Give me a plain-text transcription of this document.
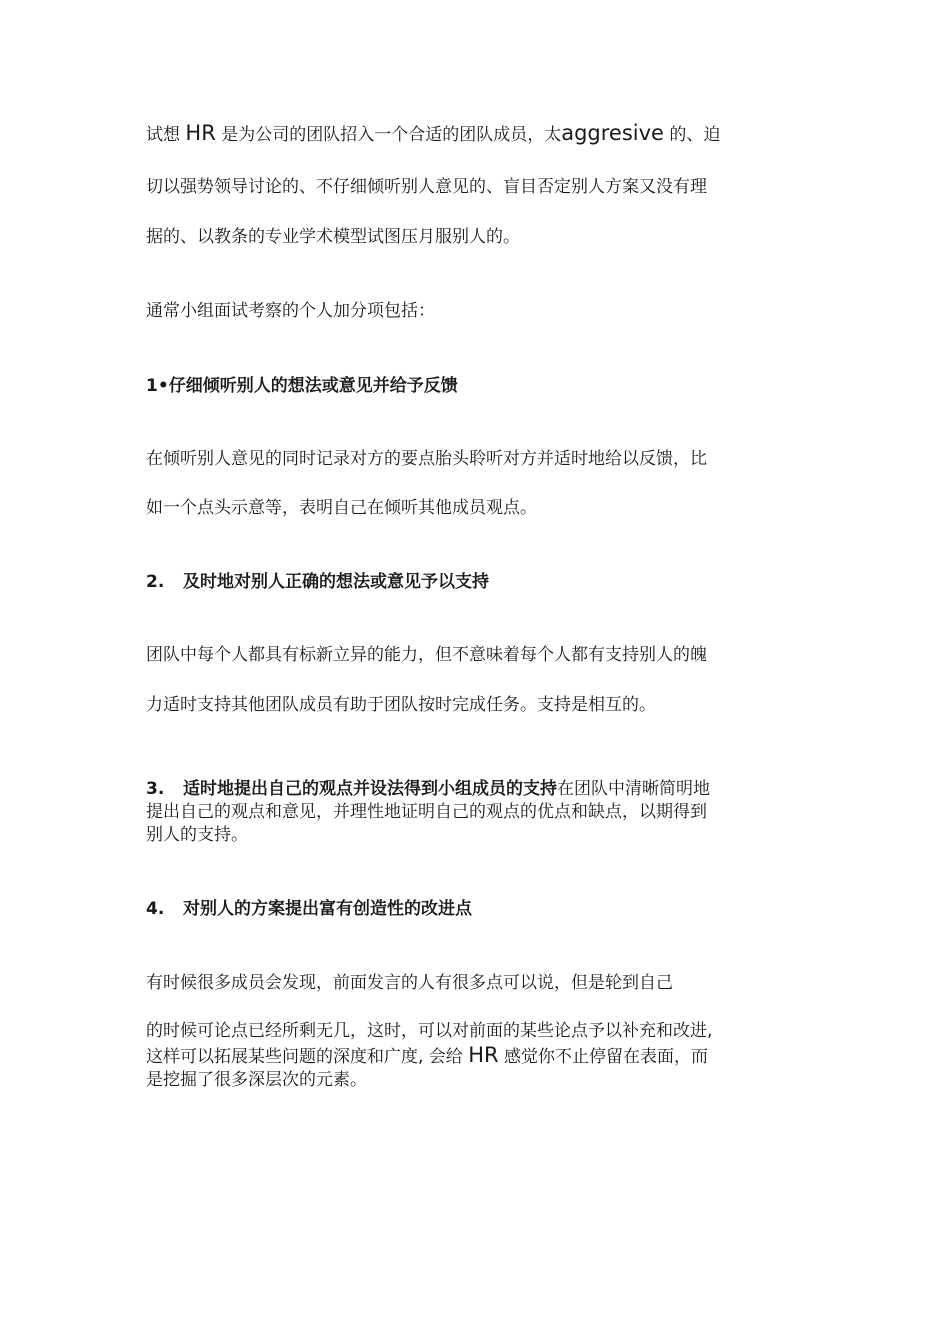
试想 HR 是为公司的团队招入一个合适的团队成员，太aggresive 的、迫
切以强势领导讨论的、不仔细倾听别人意见的、盲目否定别人方案又没有理
据的、以教条的专业学术模型试图压月服别人的。
通常小组面试考察的个人加分项包括：
1•仔细倾听别人的想法或意见并给予反馈
在倾听别人意见的同时记录对方的要点胎头聆听对方并适时地给以反馈，比
如一个点头示意等，表明自己在倾听其他成员观点。
2. 及时地对别人正确的想法或意见予以支持
团队中每个人都具有标新立异的能力，但不意味着每个人都有支持别人的魄
力适时支持其他团队成员有助于团队按时完成任务。支持是相互的。
3. 适时地提出自己的观点并设法得到小组成员的支持在团队中清晰简明地
提出自己的观点和意见，并理性地证明自己的观点的优点和缺点，以期得到
别人的支持。
4. 对别人的方案提出富有创造性的改进点
有时候很多成员会发现，前面发言的人有很多点可以说，但是轮到自己
的时候可论点已经所剩无几，这时，可以对前面的某些论点予以补充和改进,
这样可以拓展某些问题的深度和广度, 会给 HR 感觉你不止停留在表面，而
是挖掘了很多深层次的元素。
